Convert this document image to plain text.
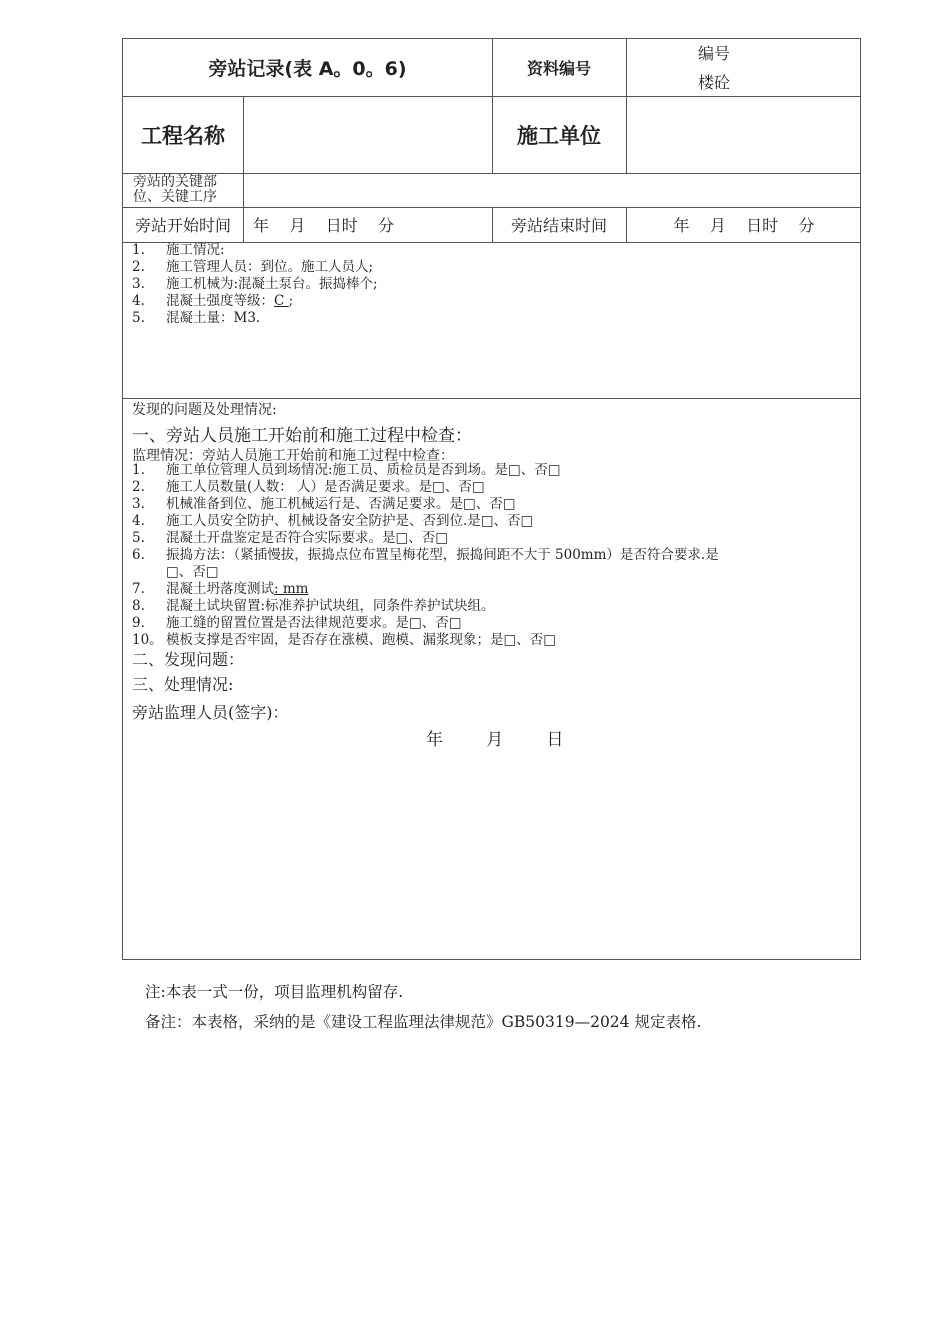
旁站记录(表 A。0。6)	资料编号
编号
楼砼
工程名称	施工单位
旁站的关键部
位、关键工序
旁站开始时间	年    月    日时    分	旁站结束时间	年    月    日时    分
1.	施工情况:
2.	施工管理人员：到位。施工人员人;
3.	施工机械为:混凝土泵台。振捣棒个;
4.	混凝土强度等级：C ;
5.	混凝土量：M3.
发现的问题及处理情况:
一、旁站人员施工开始前和施工过程中检查：
监理情况：旁站人员施工开始前和施工过程中检查：
1.	施工单位管理人员到场情况:施工员、质检员是否到场。是□、否□
2.	施工人员数量(人数： 人）是否满足要求。是□、否□
3.	机械准备到位、施工机械运行是、否满足要求。是□、否□
4.	施工人员安全防护、机械设备安全防护是、否到位.是□、否□
5.	混凝土开盘鉴定是否符合实际要求。是□、否□
6.	振捣方法：（紧插慢拔，振捣点位布置呈梅花型，振捣间距不大于 500mm）是否符合要求.是
□、否□
7.	混凝土坍落度测试: mm
8.	混凝土试块留置:标准养护试块组，同条件养护试块组。
9.	施工缝的留置位置是否法律规范要求。是□、否□
10。 模板支撑是否牢固，是否存在涨模、跑模、漏浆现象；是□、否□
二、发现问题：
三、处理情况:
旁站监理人员(签字)：
年        月        日
注:本表一式一份，项目监理机构留存.
备注：本表格，采纳的是《建设工程监理法律规范》GB50319—2024 规定表格.
